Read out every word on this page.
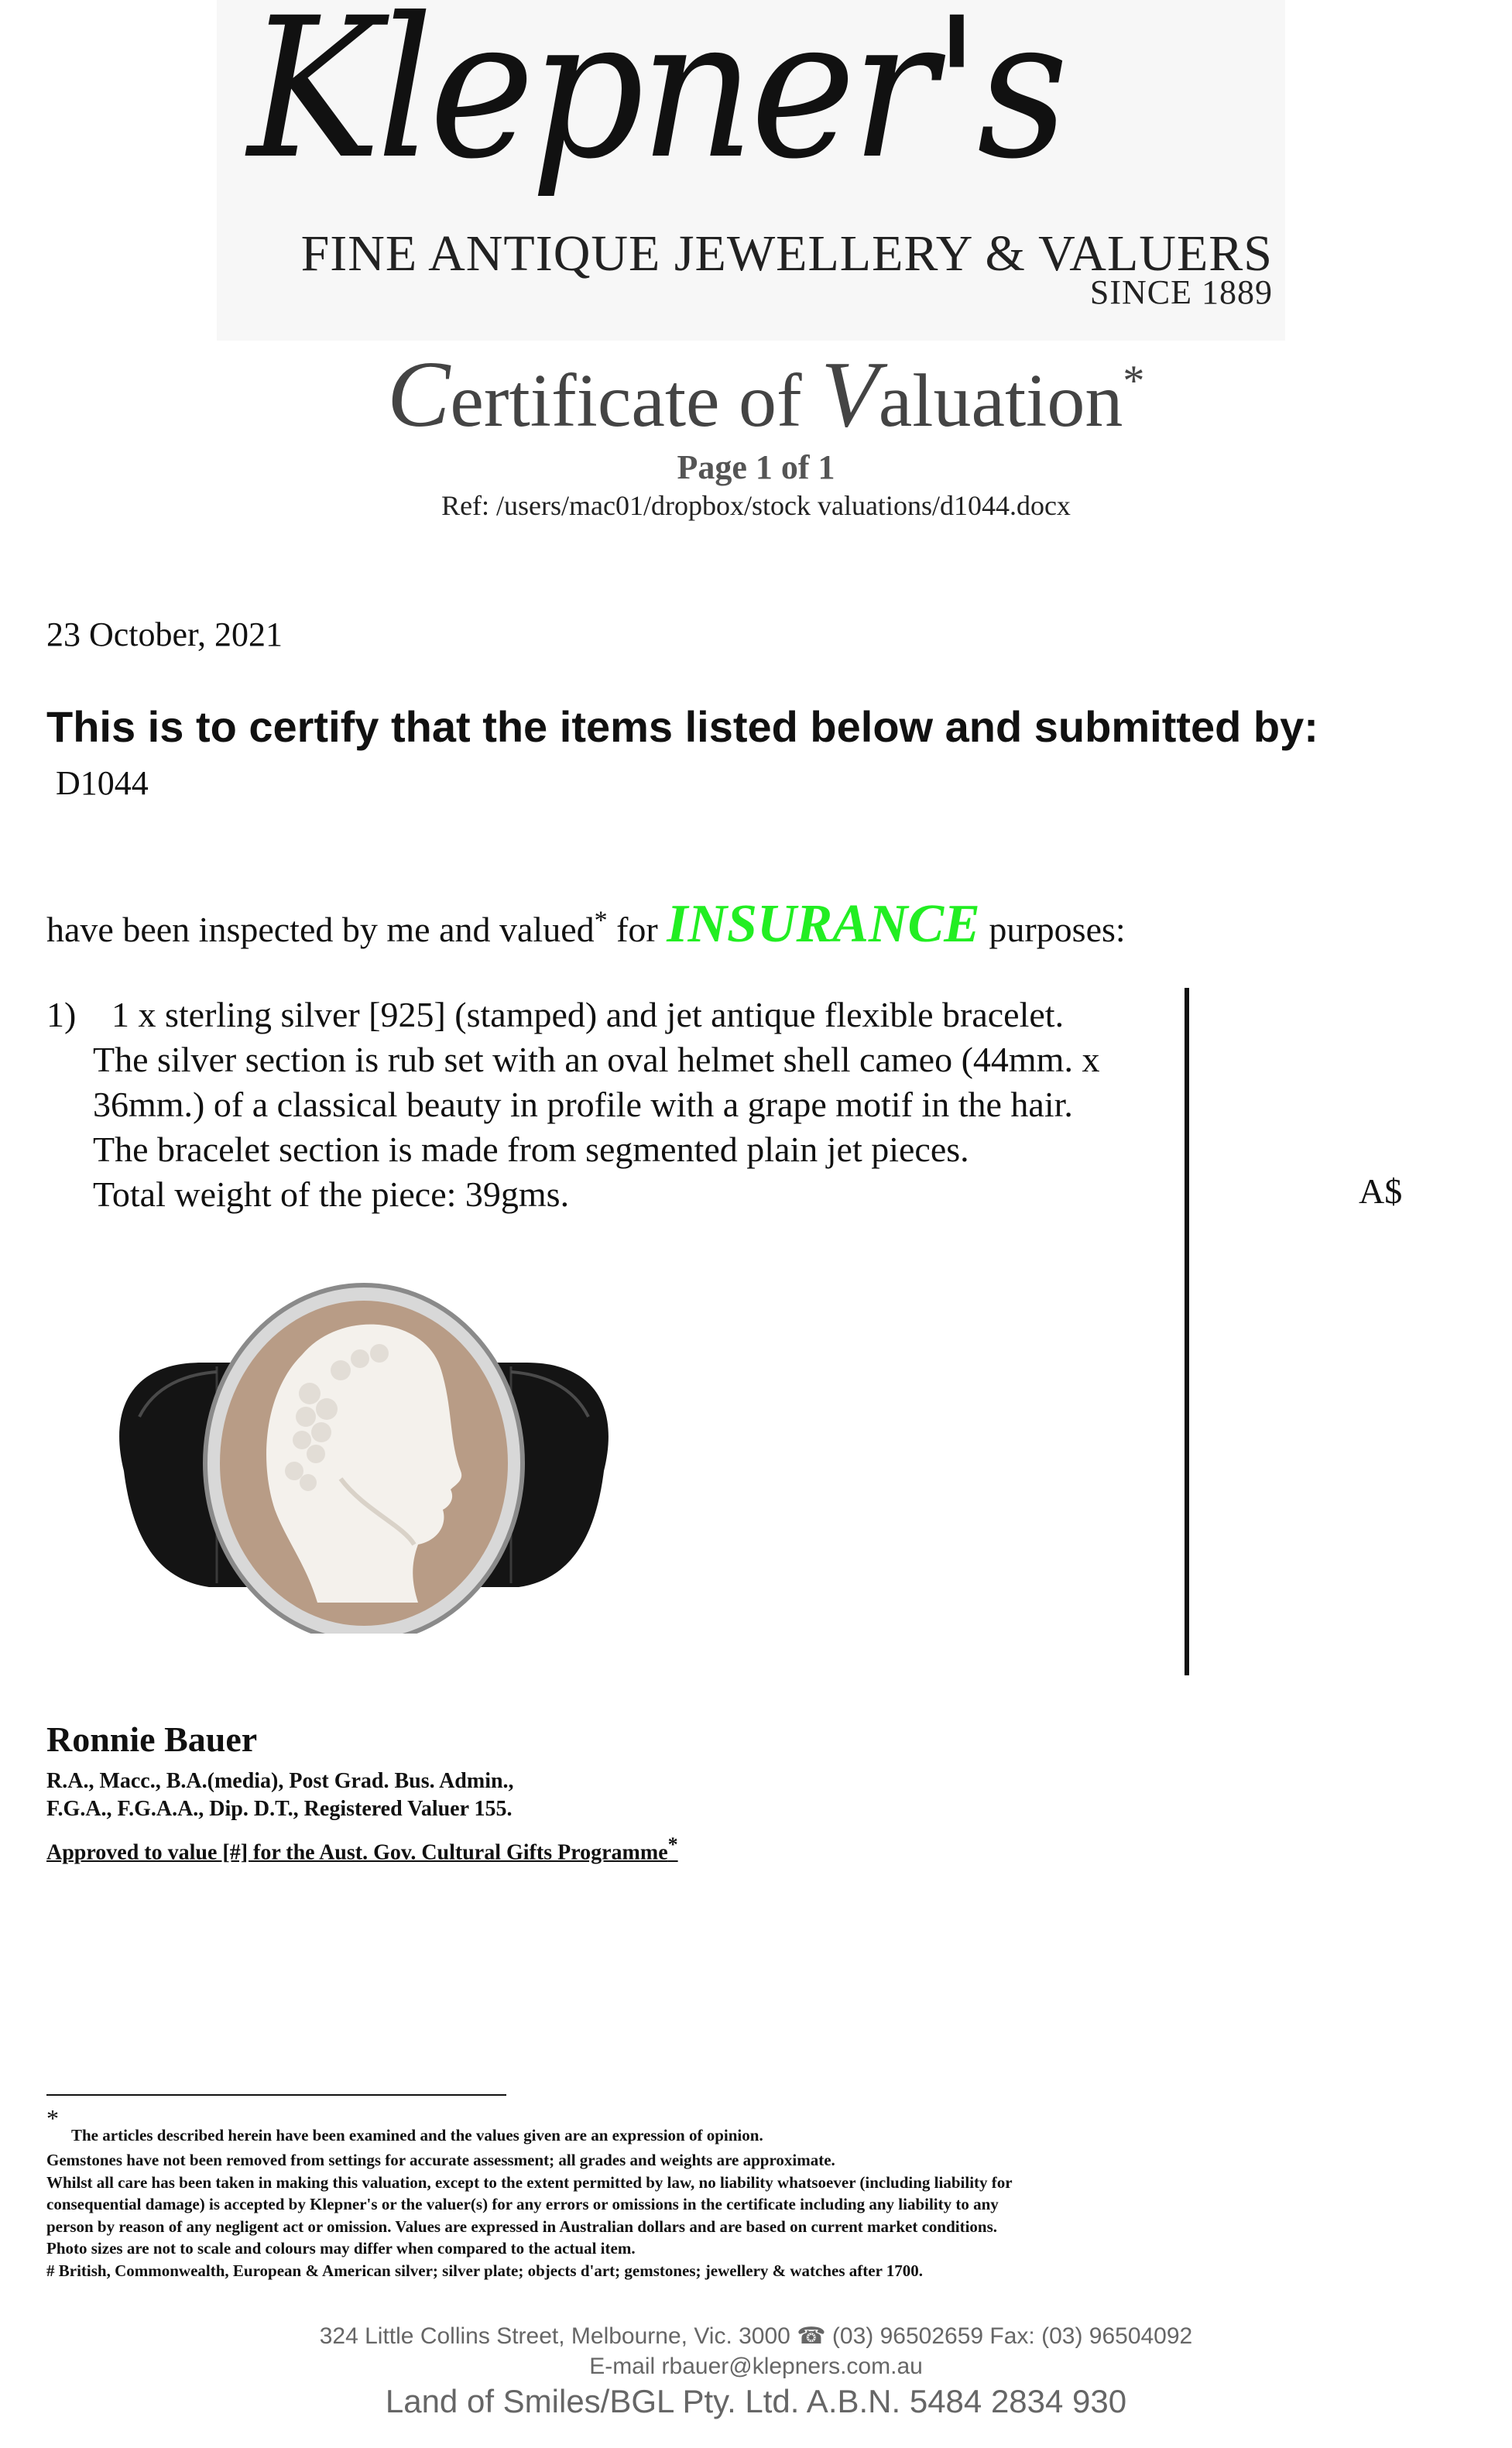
Klepner's
FINE ANTIQUE JEWELLERY & VALUERS
SINCE 1889
Certificate of Valuation*
Page 1 of 1
Ref: /users/mac01/dropbox/stock valuations/d1044.docx
23 October, 2021
This is to certify that the items listed below and submitted by:
D1044
have been inspected by me and valued* for INSURANCE purposes:
1) 1 x sterling silver [925] (stamped) and jet antique flexible bracelet.
The silver section is rub set with an oval helmet shell cameo (44mm. x
36mm.) of a classical beauty in profile with a grape motif in the hair.
The bracelet section is made from segmented plain jet pieces.
Total weight of the piece: 39gms.	A$
Ronnie Bauer
R.A., Macc., B.A.(media), Post Grad. Bus. Admin.,
F.G.A., F.G.A.A., Dip. D.T., Registered Valuer 155.
Approved to value [#] for the Aust. Gov. Cultural Gifts Programme*
*
The articles described herein have been examined and the values given are an expression of opinion.
Gemstones have not been removed from settings for accurate assessment; all grades and weights are approximate.
Whilst all care has been taken in making this valuation, except to the extent permitted by law, no liability whatsoever (including liability for
consequential damage) is accepted by Klepner's or the valuer(s) for any errors or omissions in the certificate including any liability to any
person by reason of any negligent act or omission. Values are expressed in Australian dollars and are based on current market conditions.
Photo sizes are not to scale and colours may differ when compared to the actual item.
# British, Commonwealth, European & American silver; silver plate; objects d'art; gemstones; jewellery & watches after 1700.
324 Little Collins Street, Melbourne, Vic. 3000 ☎ (03) 96502659 Fax: (03) 96504092
E-mail rbauer@klepners.com.au
Land of Smiles/BGL Pty. Ltd. A.B.N. 5484 2834 930
